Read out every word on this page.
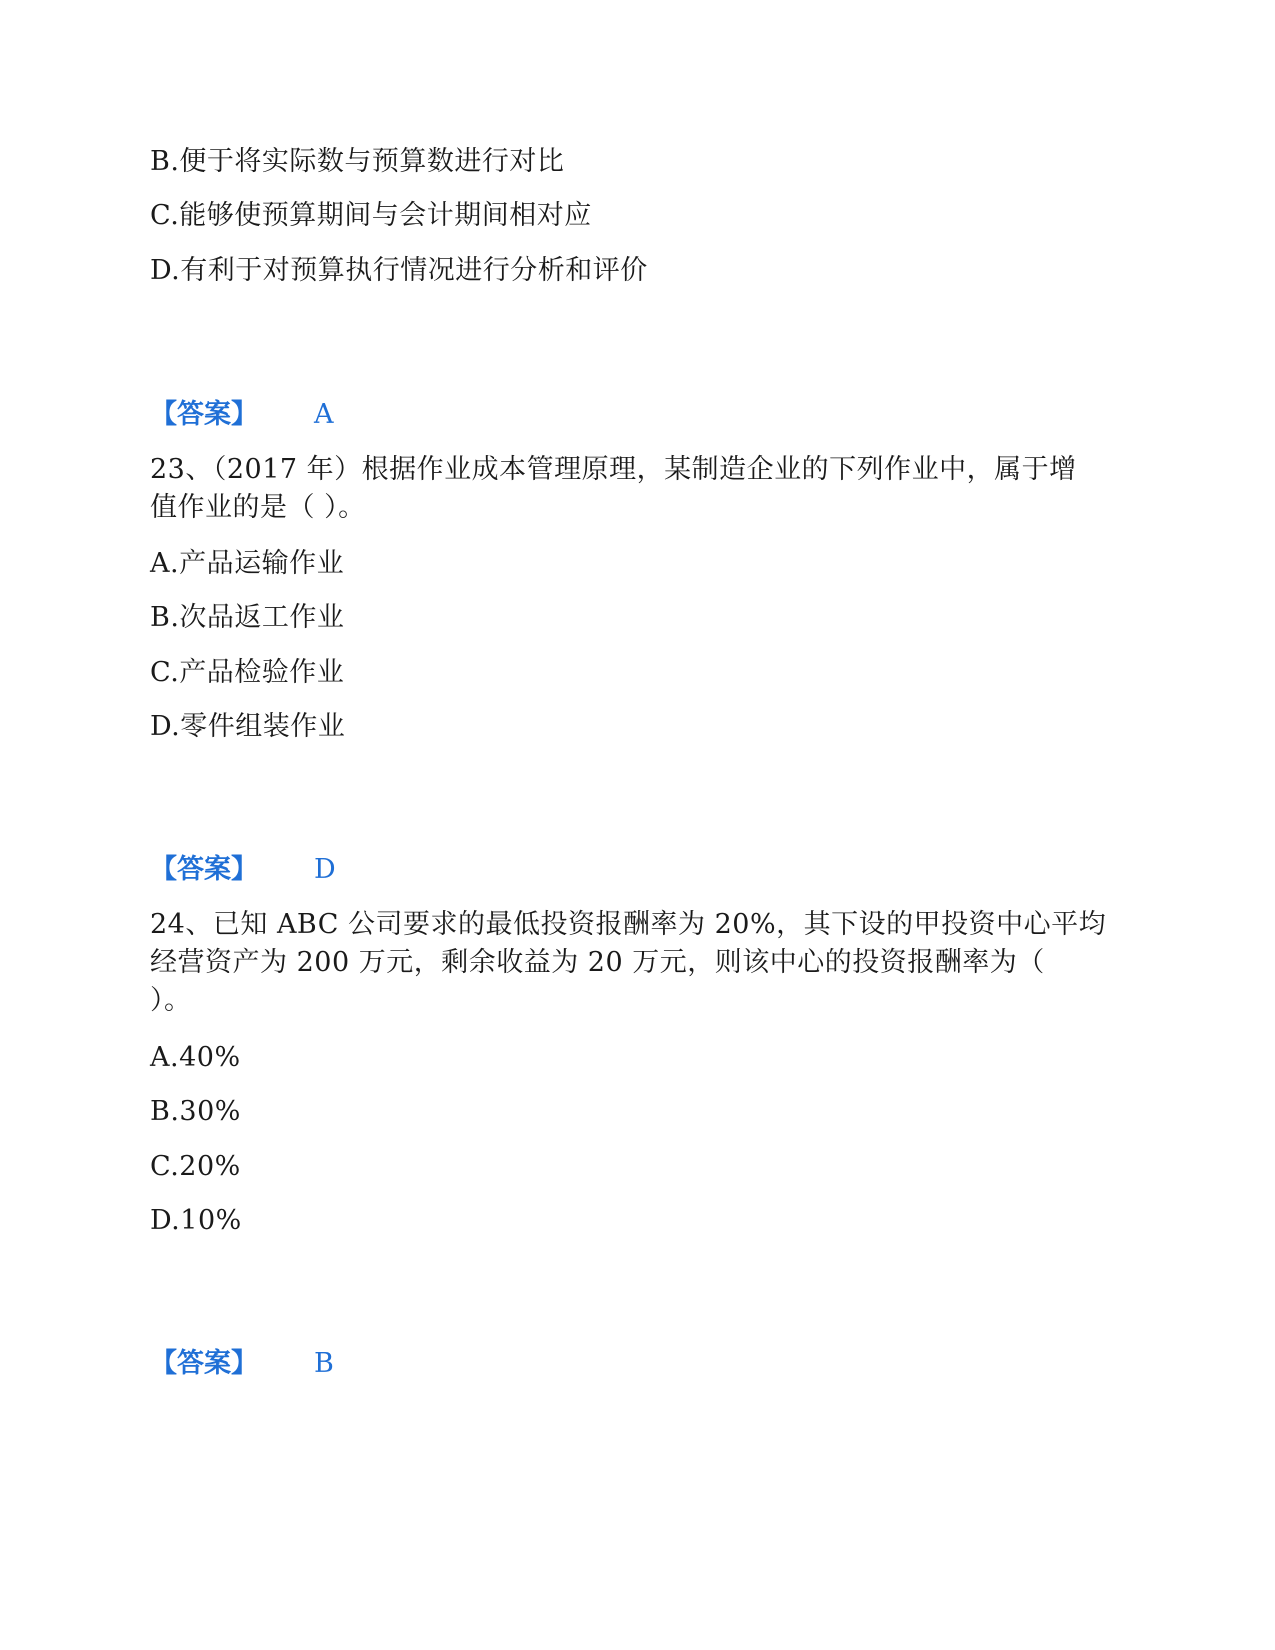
B.便于将实际数与预算数进行对比
C.能够使预算期间与会计期间相对应
D.有利于对预算执行情况进行分析和评价
【答案】 A
23、（2017 年）根据作业成本管理原理，某制造企业的下列作业中，属于增
值作业的是（ ）。
A.产品运输作业
B.次品返工作业
C.产品检验作业
D.零件组装作业
【答案】 D
24、已知 ABC 公司要求的最低投资报酬率为 20%，其下设的甲投资中心平均
经营资产为 200 万元，剩余收益为 20 万元，则该中心的投资报酬率为（
）。
A.40%
B.30%
C.20%
D.10%
【答案】 B
